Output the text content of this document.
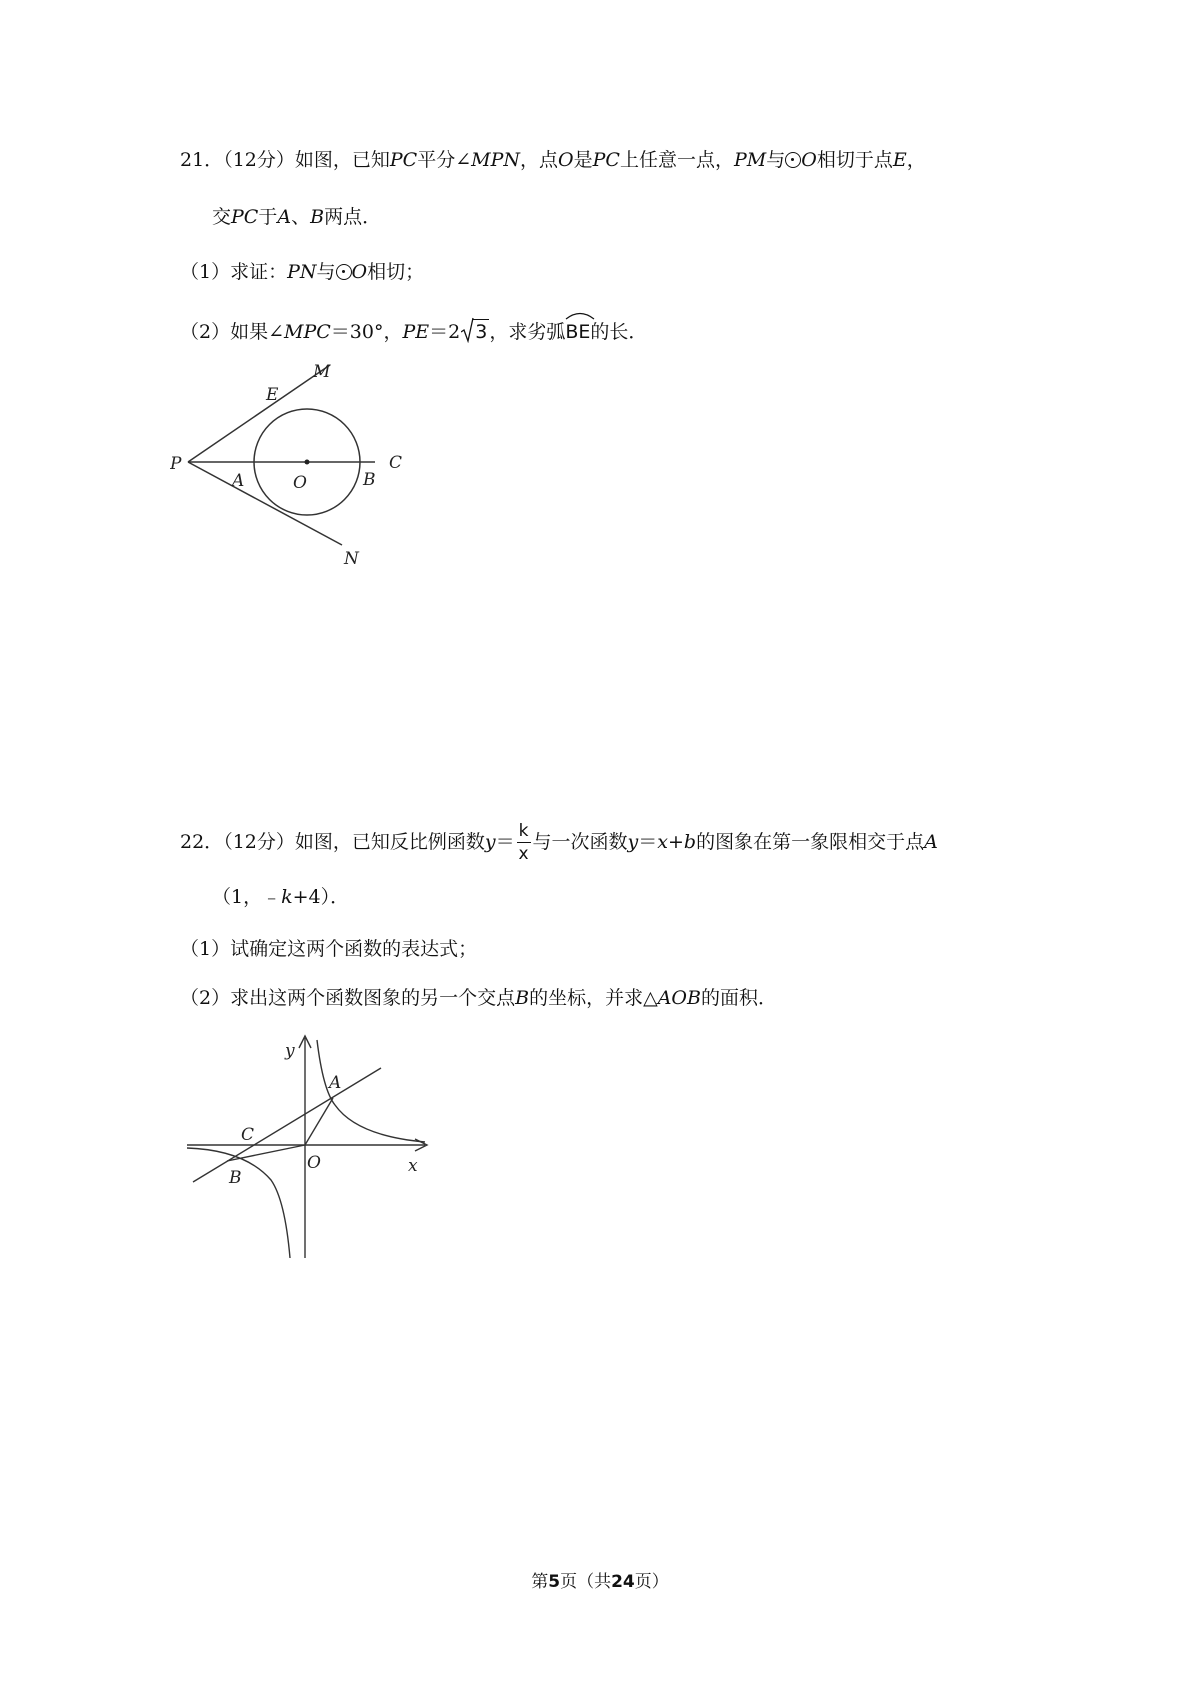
21．（12分）如图，已知PC平分∠MPN，点O是PC上任意一点，PM与 O相切于点E，
交PC于A、B两点．
（1）求证：PN与 O相切；
（2）如果∠MPC＝30°，PE＝2 3 ，求劣弧
BE的长．
M
E
P
A	O	B
C
N
22．（12分）如图，已知反比例函数$y= \frac{k}{x}$ 与一次函数y＝x+b的图象在第一象限相交于点A
（1，﹣k+4）．
（1）试确定这两个函数的表达式；
（2）求出这两个函数图象的另一个交点B的坐标，并求△AOB的面积．
y
A
C
O	x
B
第5页（共24页）
